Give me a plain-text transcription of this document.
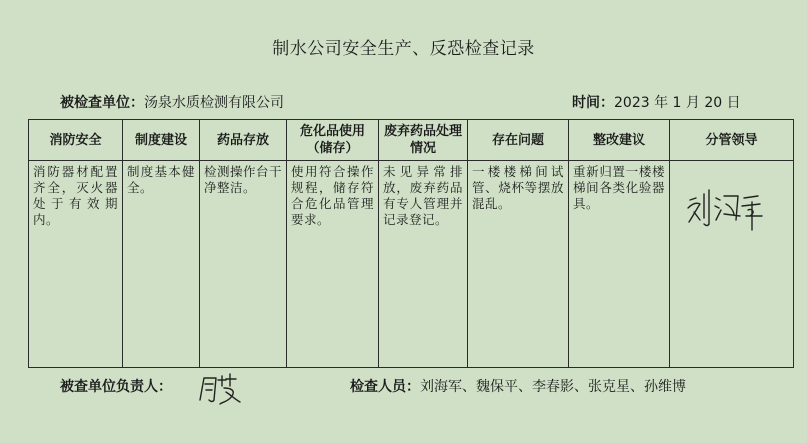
制水公司安全生产、反恐检查记录
被检查单位：汤泉水质检测有限公司	时间：2023 年 1 月 20 日
消防安全	制度建设	药品存放	危化品使用（储存）	废弃药品处理情况	存在问题	整改建议	分管领导
消防器材配置齐全，灭火器处于有效期内。	制度基本健全。	检测操作台干净整洁。	使用符合操作规程，储存符合危化品管理要求。	未见异常排放，废弃药品有专人管理并记录登记。	一楼楼梯间试管、烧杯等摆放混乱。	重新归置一楼楼梯间各类化验器具。	
被查单位负责人：	检查人员：刘海军、魏保平、李春影、张克星、孙维博
